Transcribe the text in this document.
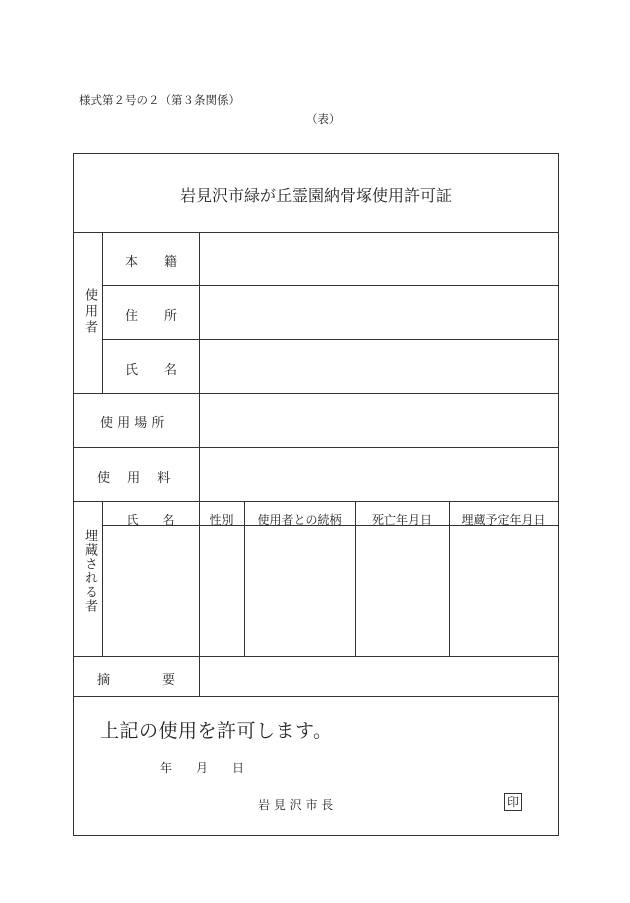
様式第２号の２（第３条関係）
（表）
岩見沢市緑が丘霊園納骨塚使用許可証
使用者
本　　籍
住　　所
氏　　名
使 用 場 所
使　 用　 料
埋蔵される者
氏　　名	性別	使用者との続柄	死亡年月日	埋蔵予定年月日
摘　　　　要
上記の使用を許可します。
年　　月　　日
岩 見 沢 市 長	印
